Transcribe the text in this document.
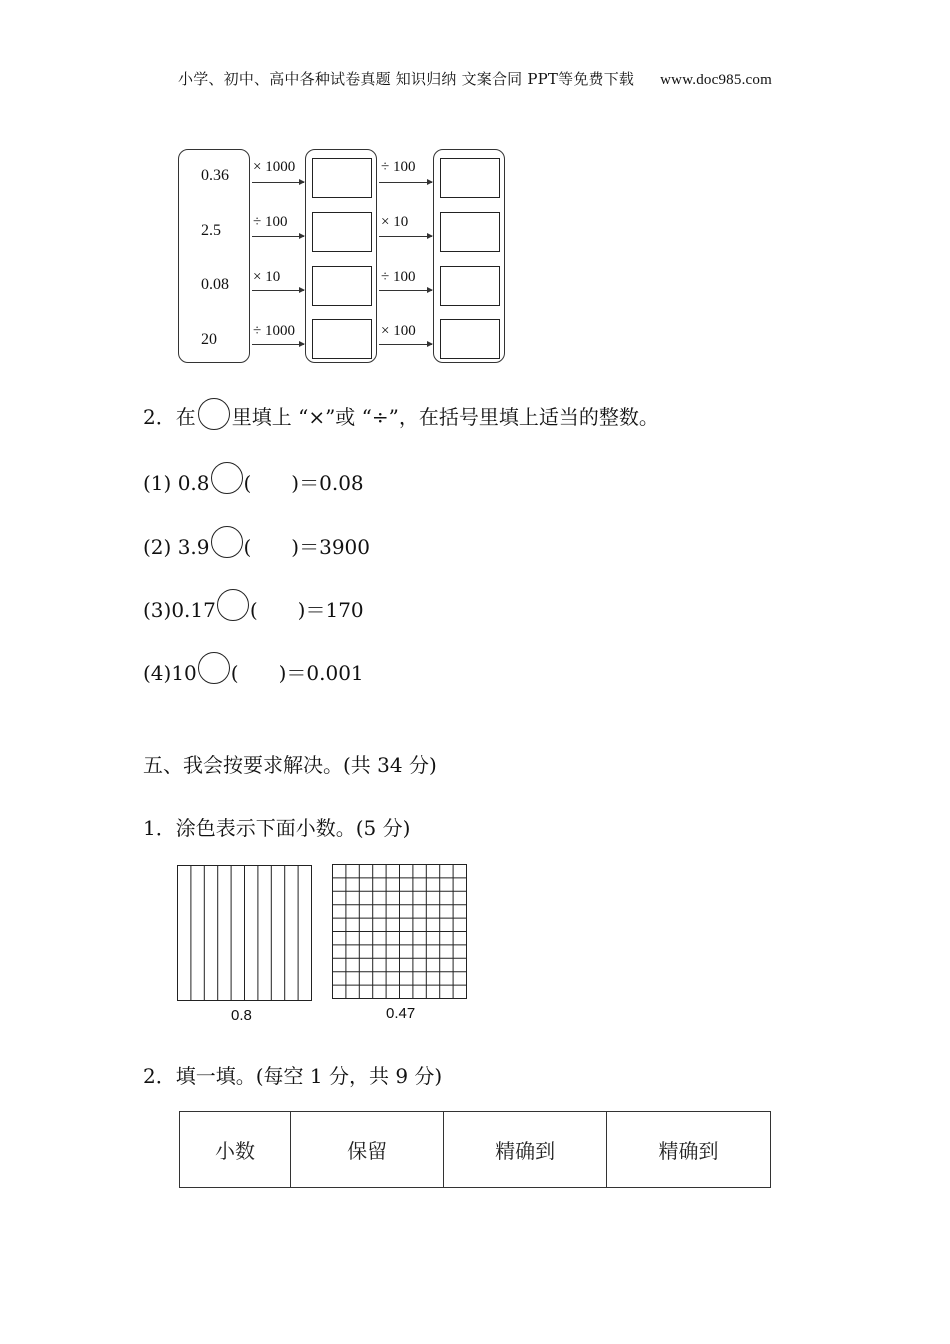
小学、初中、高中各种试卷真题 知识归纳 文案合同 PPT等免费下载 www.doc985.com
0.36
2.5
0.08
20
× 1000
÷ 100
× 10
÷ 1000
÷ 100
× 10
÷ 100
× 100
2．在 里填上 “×”或 “÷”，在括号里填上适当的整数。
(1) 0.8 (　　)＝0.08
(2) 3.9 (　　)＝3900
(3)0.17 (　　)＝170
(4)10 (　　)＝0.001
五、我会按要求解决。(共 34 分)
1．涂色表示下面小数。(5 分)
0.8	0.47
2．填一填。(每空 1 分，共 9 分)
小数	保留	精确到	精确到
